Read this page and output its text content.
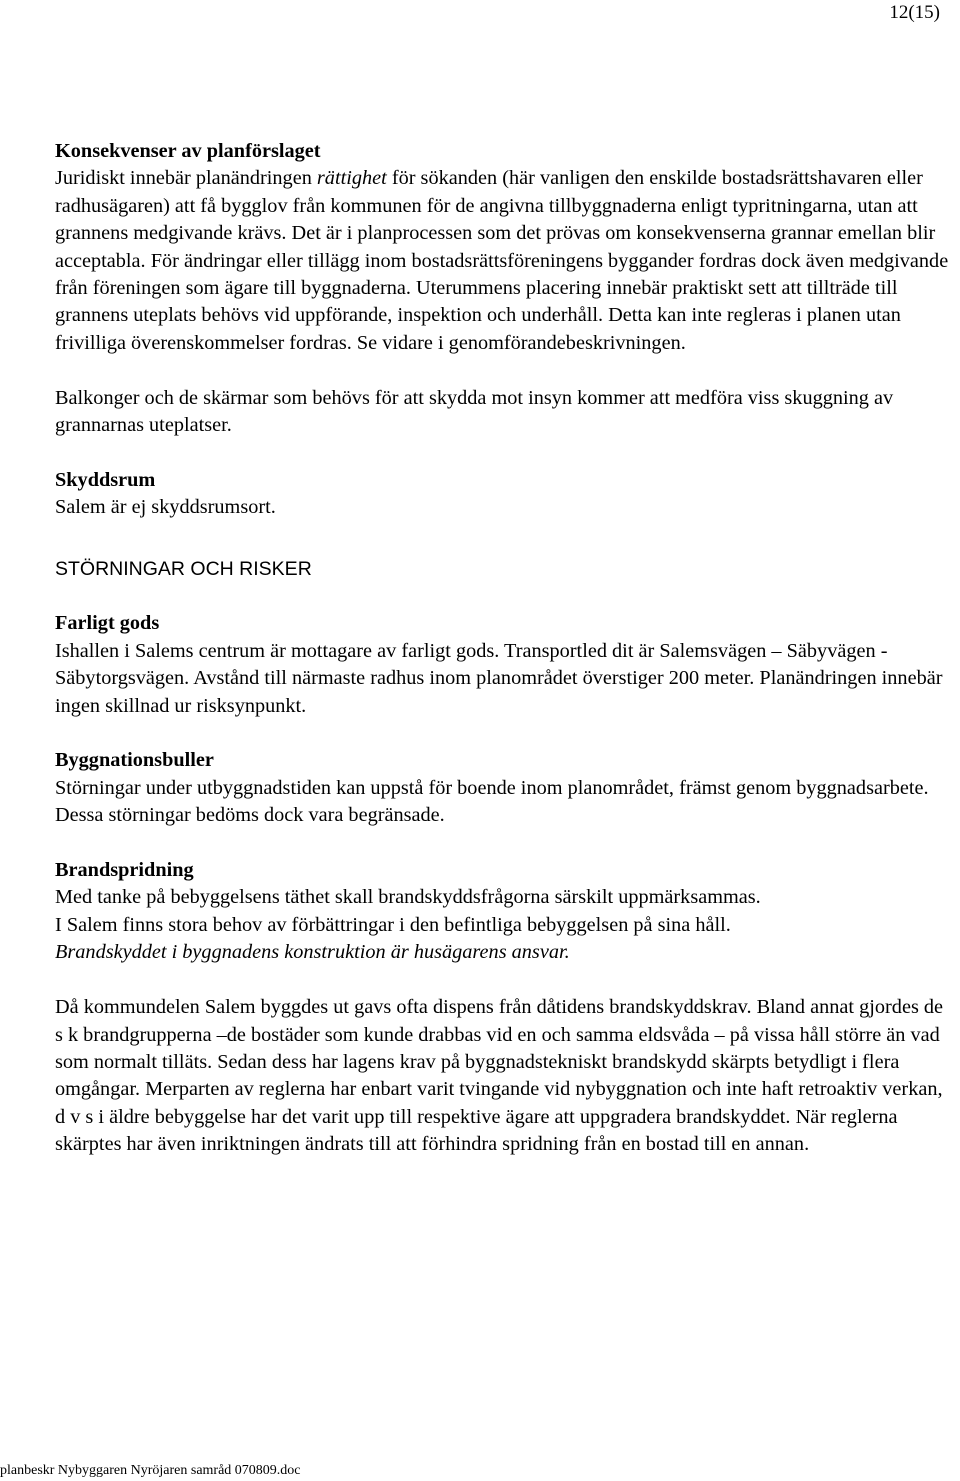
12(15)
Konsekvenser av planförslaget

Juridiskt innebär planändringen rättighet för sökanden (här vanligen den enskilde bostadsrättshavaren eller radhusägaren) att få bygglov från kommunen för de angivna tillbyggnaderna enligt typritningarna, utan att grannens medgivande krävs. Det är i planprocessen som det prövas om konsekvenserna grannar emellan blir acceptabla. För ändringar eller tillägg inom bostadsrättsföreningens byggander fordras dock även medgivande från föreningen som ägare till byggnaderna. Uterummens placering innebär praktiskt sett att tillträde till grannens uteplats behövs vid uppförande, inspektion och underhåll. Detta kan inte regleras i planen utan frivilliga överenskommelser fordras. Se vidare i genomförandebeskrivningen.

Balkonger och de skärmar som behövs för att skydda mot insyn kommer att medföra viss skuggning av grannarnas uteplatser.

Skyddsrum

Salem är ej skyddsrumsort.

STÖRNINGAR OCH RISKER
Farligt gods

Ishallen i Salems centrum är mottagare av farligt gods. Transportled dit är Salemsvägen – Säbyvägen - Säbytorgsvägen. Avstånd till närmaste radhus inom planområdet överstiger 200 meter. Planändringen innebär ingen skillnad ur risksynpunkt.

Byggnationsbuller

Störningar under utbyggnadstiden kan uppstå för boende inom planområdet, främst genom byggnadsarbete. Dessa störningar bedöms dock vara begränsade.

Brandspridning

Med tanke på bebyggelsens täthet skall brandskyddsfrågorna särskilt uppmärksammas.

I Salem finns stora behov av förbättringar i den befintliga bebyggelsen på sina håll.

Brandskyddet i byggnadens konstruktion är husägarens ansvar.

Då kommundelen Salem byggdes ut gavs ofta dispens från dåtidens brandskyddskrav. Bland annat gjordes de s k brandgrupperna –de bostäder som kunde drabbas vid en och samma eldsvåda – på vissa håll större än vad som normalt tilläts. Sedan dess har lagens krav på byggnadstekniskt brandskydd skärpts betydligt i flera omgångar. Merparten av reglerna har enbart varit tvingande vid nybyggnation och inte haft retroaktiv verkan, d v s i äldre bebyggelse har det varit upp till respektive ägare att uppgradera brandskyddet. När reglerna skärptes har även inriktningen ändrats till att förhindra spridning från en bostad till en annan.

planbeskr Nybyggaren Nyröjaren samråd 070809.doc
